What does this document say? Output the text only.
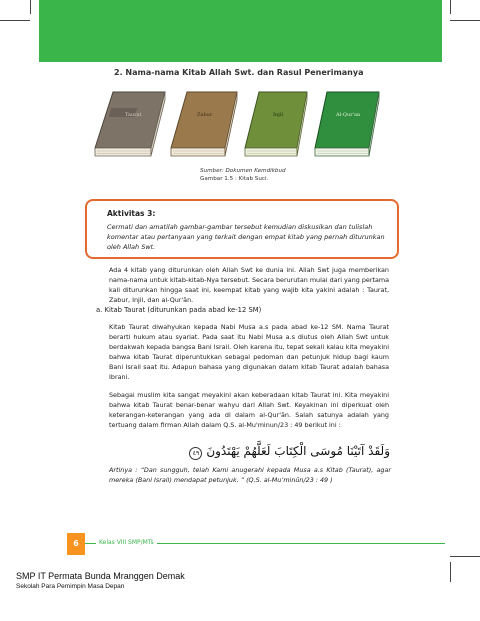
2. Nama-nama Kitab Allah Swt. dan Rasul Penerimanya
Taurat	Zabur	Injil	Al-Qur'an
Sumber: Dokumen Kemdikbud
Gambar 1.5 : Kitab Suci.
Aktivitas 3:
Cermati dan amatilah gambar-gambar tersebut kemudian diskusikan dan tulislah komentar atau pertanyaan yang terkait dengan empat kitab yang pernah diturunkan oleh Allah Swt.
Ada 4 kitab yang diturunkan oleh Allah Swt ke dunia ini. Allah Swt juga memberikan nama-nama untuk kitab-kitab-Nya tersebut. Secara berurutan mulai dari yang pertama kali diturunkan hingga saat ini, keempat kitab yang wajib kita yakini adalah : Taurat, Zabur, Injil, dan al-Qur'ān.
a. Kitab Taurat (diturunkan pada abad ke-12 SM)
Kitab Taurat diwahyukan kepada Nabi Musa a.s pada abad ke-12 SM. Nama Taurat berarti hukum atau syariat. Pada saat itu Nabi Musa a.s diutus oleh Allah Swt untuk berdakwah kepada bangsa Bani Israil. Oleh karena itu, tepat sekali kalau kita meyakini bahwa kitab Taurat diperuntukkan sebagai pedoman dan petunjuk hidup bagi kaum Bani Israil saat itu. Adapun bahasa yang digunakan dalam kitab Taurat adalah bahasa Ibrani.
Sebagai muslim kita sangat meyakini akan keberadaan kitab Taurat ini. Kita meyakini bahwa kitab Taurat benar-benar wahyu dari Allah Swt. Keyakinan ini diperkuat oleh keterangan-keterangan yang ada di dalam al-Qur'ān. Salah satunya adalah yang tertuang dalam firman Allah dalam Q.S. al-Mu'minun/23 : 49 berikut ini :
وَلَقَدْ آتَيْنَا مُوسَى الْكِتَابَ لَعَلَّهُمْ يَهْتَدُونَ ٤٩
Artinya : “Dan sungguh, telah Kami anugerahi kepada Musa a.s Kitab (Taurat), agar mereka (Bani Israil) mendapat petunjuk. ” (Q.S. al-Mu’minūn/23 : 49 )
6	Kelas VIII SMP/MTs
SMP IT Permata Bunda Mranggen Demak
Sekolah Para Pemimpin Masa Depan
